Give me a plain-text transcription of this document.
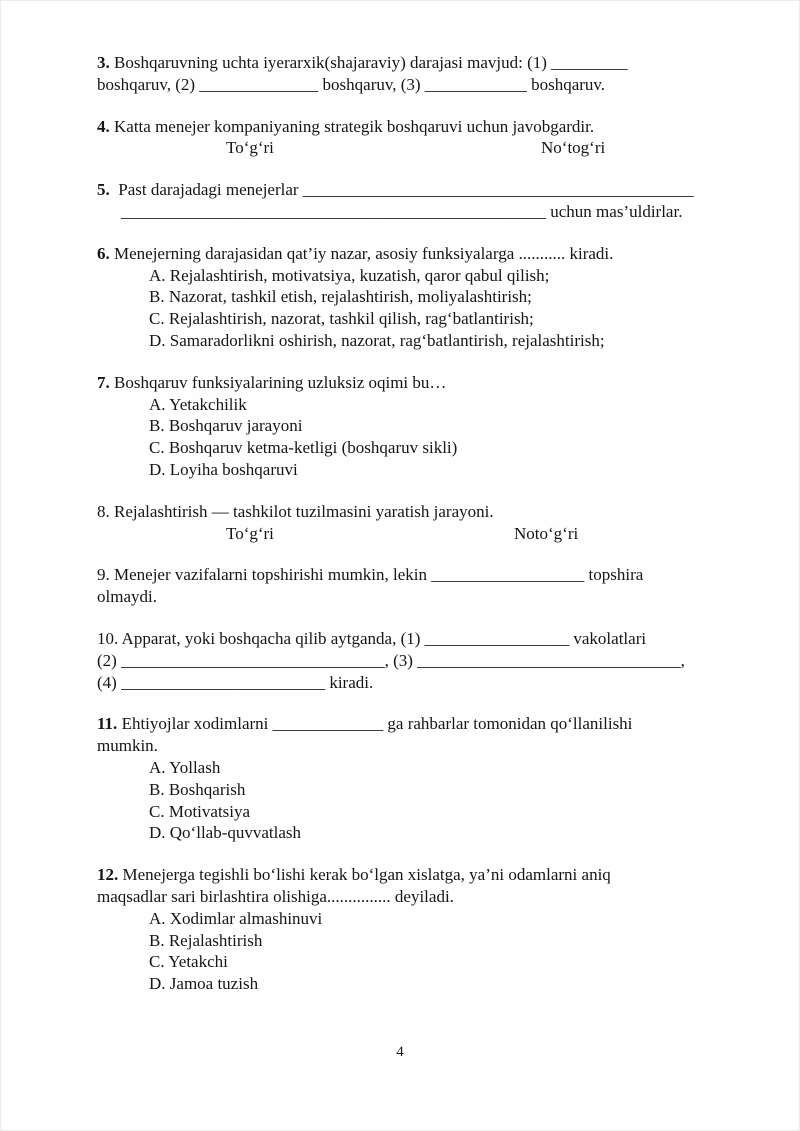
3. Boshqaruvning uchta iyerarxik(shajaraviy) darajasi mavjud: (1) _________

boshqaruv, (2) ______________ boshqaruv, (3) ____________ boshqaruv.

4. Katta menejer kompaniyaning strategik boshqaruvi uchun javobgardir.

To‘g‘ri	No‘tog‘ri

5.  Past darajadagi menejerlar ______________________________________________

__________________________________________________ uchun mas’uldirlar.

6. Menejerning darajasidan qat’iy nazar, asosiy funksiyalarga ........... kiradi.

A. Rejalashtirish, motivatsiya, kuzatish, qaror qabul qilish;

B. Nazorat, tashkil etish, rejalashtirish, moliyalashtirish;

C. Rejalashtirish, nazorat, tashkil qilish, rag‘batlantirish;

D. Samaradorlikni oshirish, nazorat, rag‘batlantirish, rejalashtirish;

7. Boshqaruv funksiyalarining uzluksiz oqimi bu…

A. Yetakchilik

B. Boshqaruv jarayoni

C. Boshqaruv ketma-ketligi (boshqaruv sikli)

D. Loyiha boshqaruvi

8. Rejalashtirish — tashkilot tuzilmasini yaratish jarayoni.

To‘g‘ri	Noto‘g‘ri

9. Menejer vazifalarni topshirishi mumkin, lekin __________________ topshira

olmaydi.

10. Apparat, yoki boshqacha qilib aytganda, (1) _________________ vakolatlari

(2) _______________________________, (3) _______________________________,

(4) ________________________ kiradi.

11. Ehtiyojlar xodimlarni _____________ ga rahbarlar tomonidan qo‘llanilishi

mumkin.

A. Yollash

B. Boshqarish

C. Motivatsiya

D. Qo‘llab-quvvatlash

12. Menejerga tegishli bo‘lishi kerak bo‘lgan xislatga, ya’ni odamlarni aniq

maqsadlar sari birlashtira olishiga............... deyiladi.

A. Xodimlar almashinuvi

B. Rejalashtirish

C. Yetakchi

D. Jamoa tuzish

4
